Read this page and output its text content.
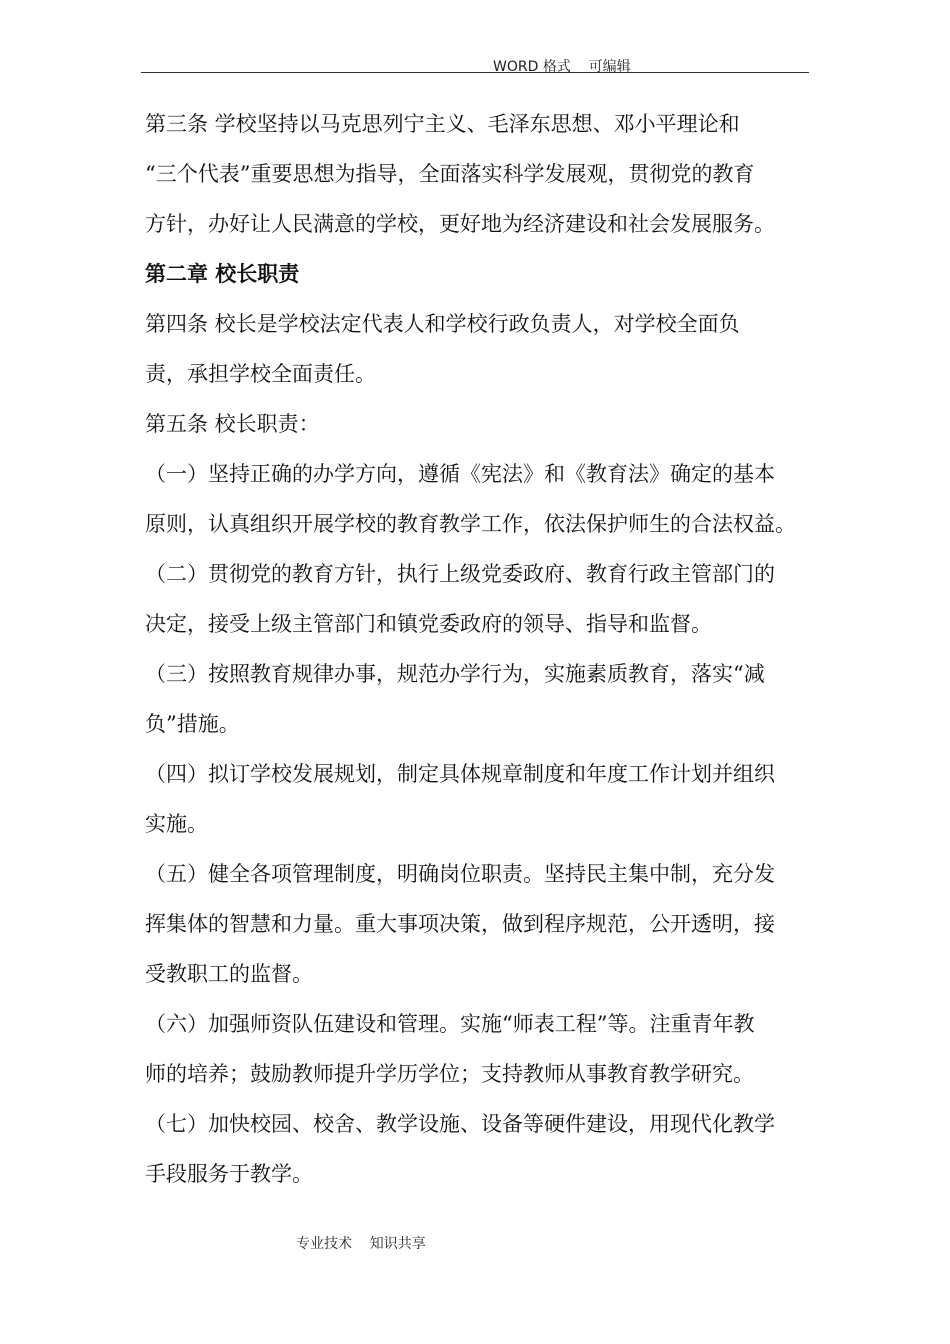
WORD 格式    可编辑
第三条 学校坚持以马克思列宁主义、毛泽东思想、邓小平理论和
“三个代表”重要思想为指导，全面落实科学发展观，贯彻党的教育
方针，办好让人民满意的学校，更好地为经济建设和社会发展服务。
第二章 校长职责
第四条 校长是学校法定代表人和学校行政负责人，对学校全面负
责，承担学校全面责任。
第五条 校长职责：
（一）坚持正确的办学方向，遵循《宪法》和《教育法》确定的基本
原则，认真组织开展学校的教育教学工作，依法保护师生的合法权益。
（二）贯彻党的教育方针，执行上级党委政府、教育行政主管部门的
决定，接受上级主管部门和镇党委政府的领导、指导和监督。
（三）按照教育规律办事，规范办学行为，实施素质教育，落实“减
负”措施。
（四）拟订学校发展规划，制定具体规章制度和年度工作计划并组织
实施。
（五）健全各项管理制度，明确岗位职责。坚持民主集中制，充分发
挥集体的智慧和力量。重大事项决策，做到程序规范，公开透明，接
受教职工的监督。
（六）加强师资队伍建设和管理。实施“师表工程”等。注重青年教
师的培养；鼓励教师提升学历学位；支持教师从事教育教学研究。
（七）加快校园、校舍、教学设施、设备等硬件建设，用现代化教学
手段服务于教学。
专业技术    知识共享
